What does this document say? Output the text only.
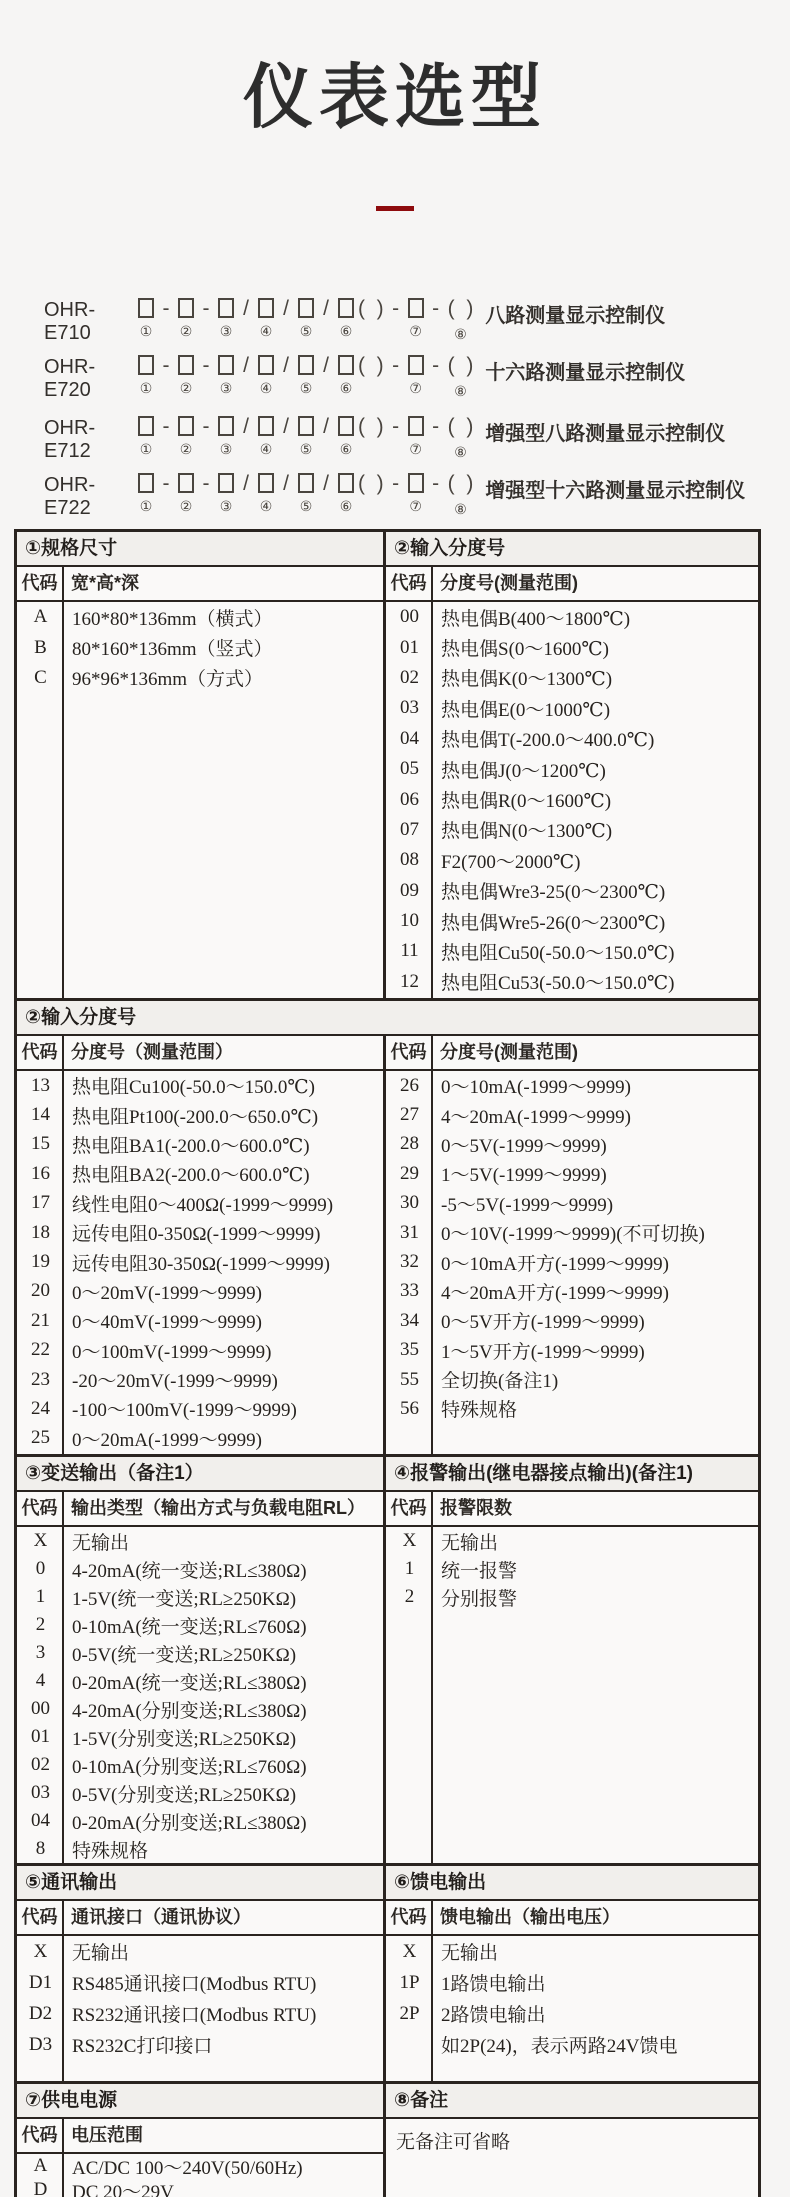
仪表选型
OHR-E710	①
-
②
-
③
/
④
/
⑤
/
⑥
(  ) -
⑦
- (  )
⑧
八路测量显示控制仪
OHR-E720	①
-
②
-
③
/
④
/
⑤
/
⑥
(  ) -
⑦
- (  )
⑧
十六路测量显示控制仪
OHR-E712	①
-
②
-
③
/
④
/
⑤
/
⑥
(  ) -
⑦
- (  )
⑧
增强型八路测量显示控制仪
OHR-E722	①
-
②
-
③
/
④
/
⑤
/
⑥
(  ) -
⑦
- (  )
⑧
增强型十六路测量显示控制仪
①规格尺寸
代码 宽*高*深
A	160*80*136mm（横式）
B	80*160*136mm（竖式）
C	96*96*136mm（方式）
②输入分度号
代码 分度号(测量范围)
00	热电偶B(400～1800℃)
01	热电偶S(0～1600℃)
02	热电偶K(0～1300℃)
03	热电偶E(0～1000℃)
04	热电偶T(-200.0～400.0℃)
05	热电偶J(0～1200℃)
06	热电偶R(0～1600℃)
07	热电偶N(0～1300℃)
08	F2(700～2000℃)
09	热电偶Wre3-25(0～2300℃)
10	热电偶Wre5-26(0～2300℃)
11	热电阻Cu50(-50.0～150.0℃)
12	热电阻Cu53(-50.0～150.0℃)
②输入分度号
代码 分度号（测量范围）
13	热电阻Cu100(-50.0～150.0℃)
14	热电阻Pt100(-200.0～650.0℃)
15	热电阻BA1(-200.0～600.0℃)
16	热电阻BA2(-200.0～600.0℃)
17	线性电阻0～400Ω(-1999～9999)
18	远传电阻0-350Ω(-1999～9999)
19	远传电阻30-350Ω(-1999～9999)
20	0～20mV(-1999～9999)
21	0～40mV(-1999～9999)
22	0～100mV(-1999～9999)
23	-20～20mV(-1999～9999)
24	-100～100mV(-1999～9999)
25	0～20mA(-1999～9999)
代码 分度号(测量范围)
26	0～10mA(-1999～9999)
27	4～20mA(-1999～9999)
28	0～5V(-1999～9999)
29	1～5V(-1999～9999)
30	-5～5V(-1999～9999)
31	0～10V(-1999～9999)(不可切换)
32	0～10mA开方(-1999～9999)
33	4～20mA开方(-1999～9999)
34	0～5V开方(-1999～9999)
35	1～5V开方(-1999～9999)
55	全切换(备注1)
56	特殊规格
③变送输出（备注1）
代码 输出类型（输出方式与负载电阻RL）
X	无输出
0	4-20mA(统一变送;RL≤380Ω)
1	1-5V(统一变送;RL≥250KΩ)
2	0-10mA(统一变送;RL≤760Ω)
3	0-5V(统一变送;RL≥250KΩ)
4	0-20mA(统一变送;RL≤380Ω)
00	4-20mA(分别变送;RL≤380Ω)
01	1-5V(分别变送;RL≥250KΩ)
02	0-10mA(分别变送;RL≤760Ω)
03	0-5V(分别变送;RL≥250KΩ)
04	0-20mA(分别变送;RL≤380Ω)
8	特殊规格
④报警输出(继电器接点输出)(备注1)
代码 报警限数
X	无输出
1	统一报警
2	分别报警
⑤通讯输出
代码 通讯接口（通讯协议）
X	无输出
D1	RS485通讯接口(Modbus RTU)
D2	RS232通讯接口(Modbus RTU)
D3	RS232C打印接口
⑥馈电输出
代码 馈电输出（输出电压）
X	无输出
1P	1路馈电输出
2P	2路馈电输出
如2P(24)，表示两路24V馈电
⑦供电电源
代码 电压范围
A	AC/DC 100～240V(50/60Hz)
D	DC 20～29V
⑧备注
无备注可省略
